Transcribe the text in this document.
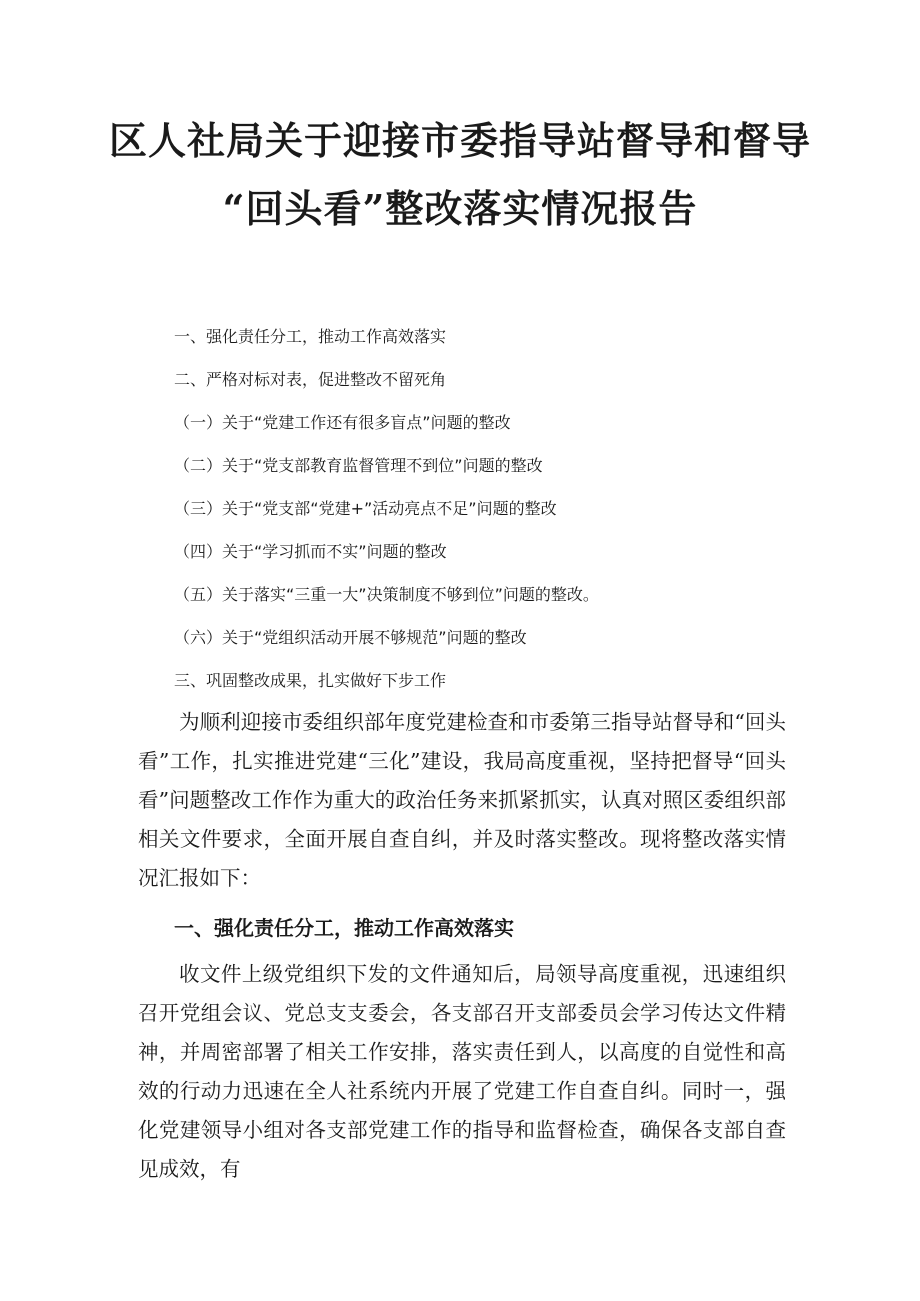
区人社局关于迎接市委指导站督导和督导
“回头看”整改落实情况报告
一、强化责任分工，推动工作高效落实
二、严格对标对表，促进整改不留死角
（一）关于“党建工作还有很多盲点”问题的整改
（二）关于“党支部教育监督管理不到位”问题的整改
（三）关于“党支部“党建+”活动亮点不足”问题的整改
（四）关于“学习抓而不实”问题的整改
（五）关于落实“三重一大”决策制度不够到位”问题的整改。
（六）关于“党组织活动开展不够规范”问题的整改
三、巩固整改成果，扎实做好下步工作

为顺利迎接市委组织部年度党建检查和市委第三指导站督导和“回头看”工作，扎实推进党建“三化”建设，我局高度重视，坚持把督导“回头看”问题整改工作作为重大的政治任务来抓紧抓实，认真对照区委组织部相关文件要求，全面开展自查自纠，并及时落实整改。现将整改落实情况汇报如下：

一、强化责任分工，推动工作高效落实

收文件上级党组织下发的文件通知后，局领导高度重视，迅速组织召开党组会议、党总支支委会，各支部召开支部委员会学习传达文件精神，并周密部署了相关工作安排，落实责任到人，以高度的自觉性和高效的行动力迅速在全人社系统内开展了党建工作自查自纠。同时一，强化党建领导小组对各支部党建工作的指导和监督检查，确保各支部自查见成效，有
